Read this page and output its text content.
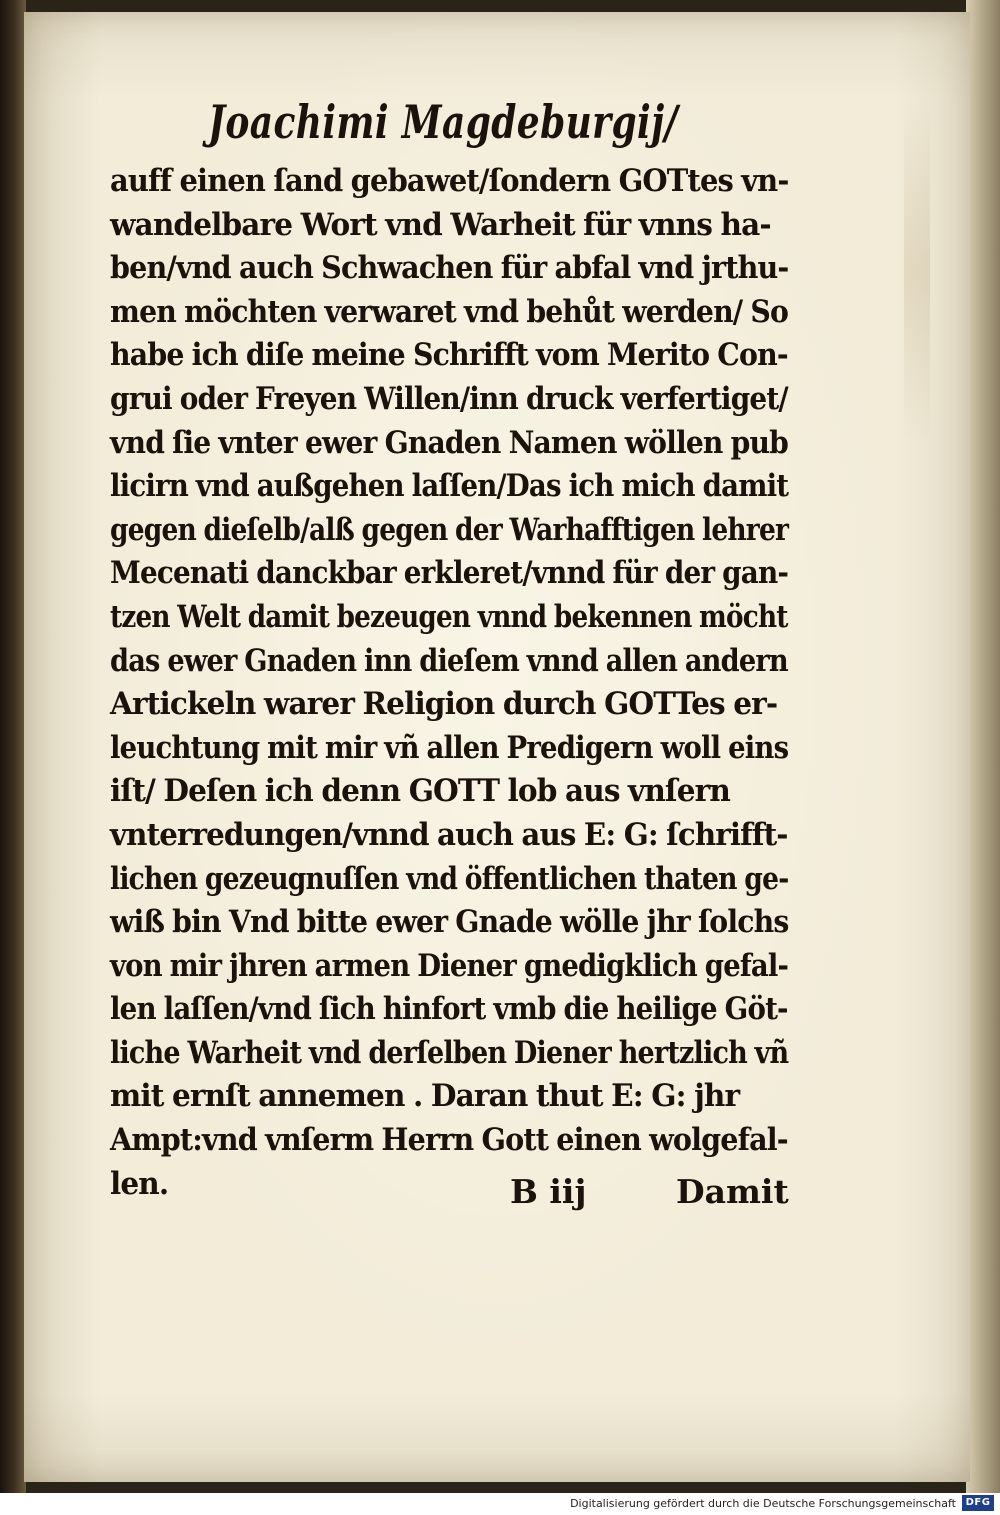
Joachimi Magdeburgij/
auff einen ſand gebawet/ſondern GOTtes vn-
wandelbare Wort vnd Warheit für vnns ha-
ben/vnd auch Schwachen für abfal vnd jrthu-
men möchten verwaret vnd behůt werden/ So
habe ich diſe meine Schrifft vom Merito Con-
grui oder Freyen Willen/inn druck verfertiget/
vnd ſie vnter ewer Gnaden Namen wöllen pub
licirn vnd außgehen laſſen/Das ich mich damit
gegen dieſelb/alß gegen der Warhafftigen lehrer
Mecenati danckbar erkleret/vnnd für der gan-
tzen Welt damit bezeugen vnnd bekennen möcht
das ewer Gnaden inn dieſem vnnd allen andern
Artickeln warer Religion durch GOTTes er-
leuchtung mit mir vñ allen Predigern woll eins
iſt/ Deſen ich denn GOTT lob aus vnſern
vnterredungen/vnnd auch aus E: G: ſchrifft-
lichen gezeugnuſſen vnd öffentlichen thaten ge-
wiß bin Vnd bitte ewer Gnade wölle jhr ſolchs
von mir jhren armen Diener gnedigklich gefal-
len laſſen/vnd ſich hinfort vmb die heilige Göt-
liche Warheit vnd derſelben Diener hertzlich vñ
mit ernſt annemen . Daran thut E: G: jhr
Ampt:vnd vnſerm Herrn Gott einen wolgefal-
len.	B iij	Damit
Digitalisierung gefördert durch die Deutsche Forschungsgemeinschaft DFG
